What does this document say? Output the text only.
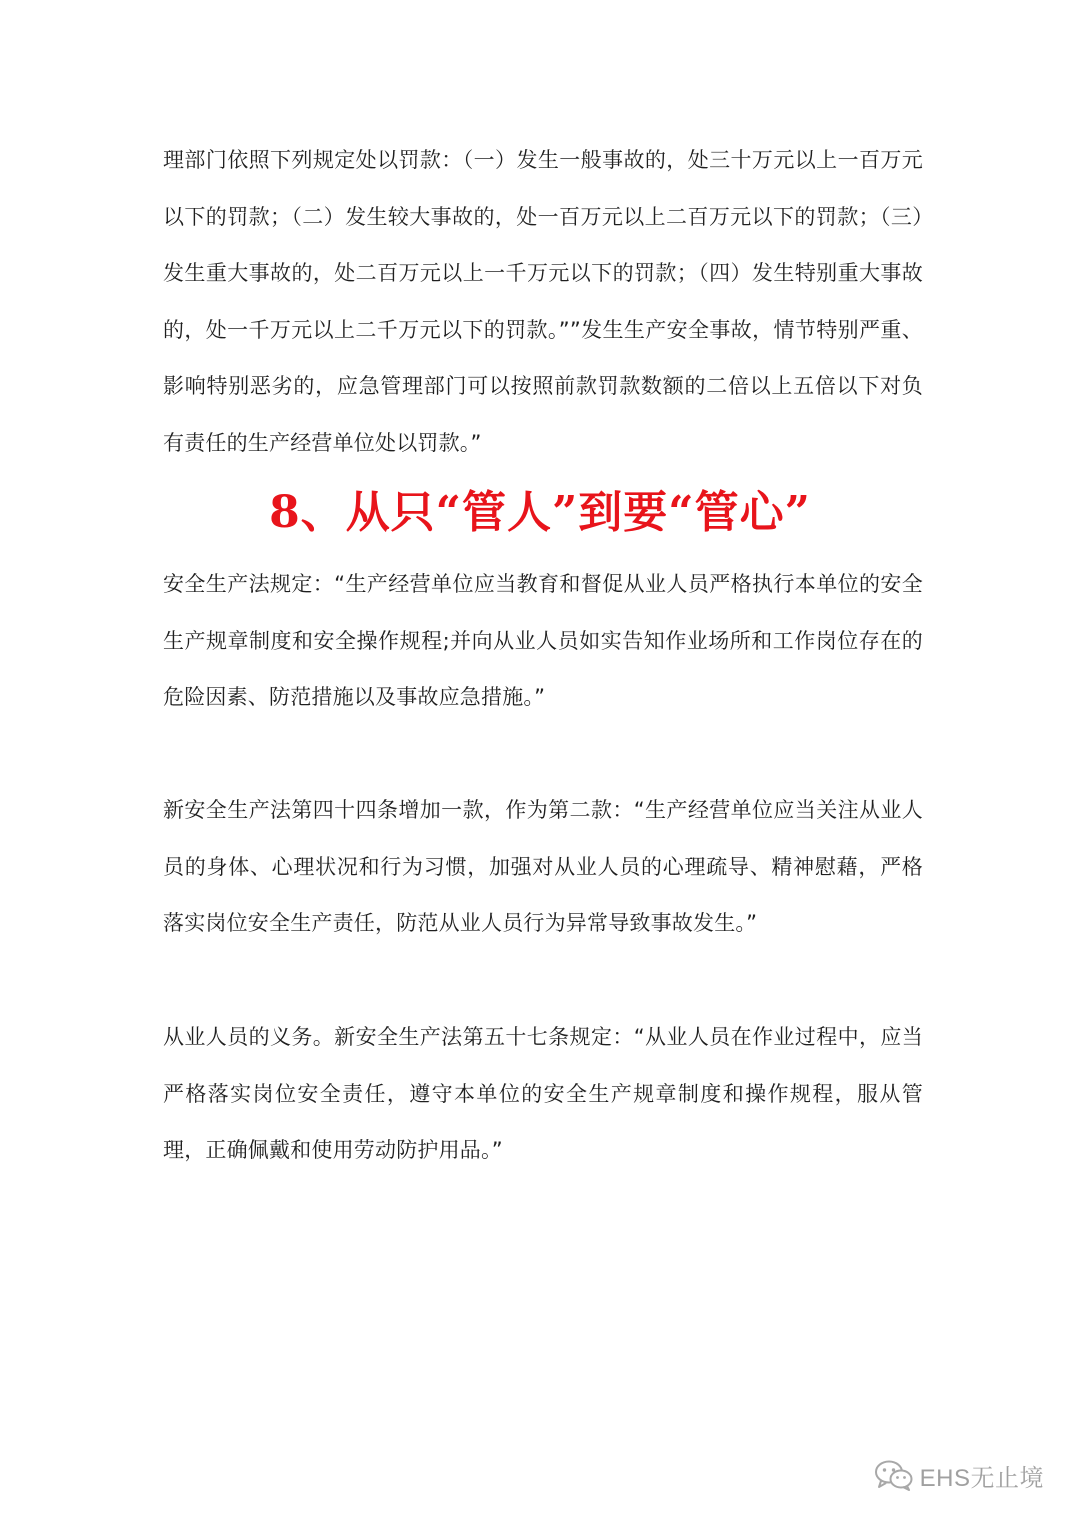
理部门依照下列规定处以罚款：（一）发生一般事故的，处三十万元以上一百万元以下的罚款；（二）发生较大事故的，处一百万元以上二百万元以下的罚款；（三）发生重大事故的，处二百万元以上一千万元以下的罚款；（四）发生特别重大事故的，处一千万元以上二千万元以下的罚款。””发生生产安全事故，情节特别严重、影响特别恶劣的，应急管理部门可以按照前款罚款数额的二倍以上五倍以下对负有责任的生产经营单位处以罚款。”

8、从只“管人”到要“管心”

安全生产法规定：“生产经营单位应当教育和督促从业人员严格执行本单位的安全生产规章制度和安全操作规程;并向从业人员如实告知作业场所和工作岗位存在的危险因素、防范措施以及事故应急措施。”

新安全生产法第四十四条增加一款，作为第二款：“生产经营单位应当关注从业人员的身体、心理状况和行为习惯，加强对从业人员的心理疏导、精神慰藉，严格落实岗位安全生产责任，防范从业人员行为异常导致事故发生。”

从业人员的义务。新安全生产法第五十七条规定：“从业人员在作业过程中，应当严格落实岗位安全责任，遵守本单位的安全生产规章制度和操作规程，服从管理，正确佩戴和使用劳动防护用品。”

EHS无止境
